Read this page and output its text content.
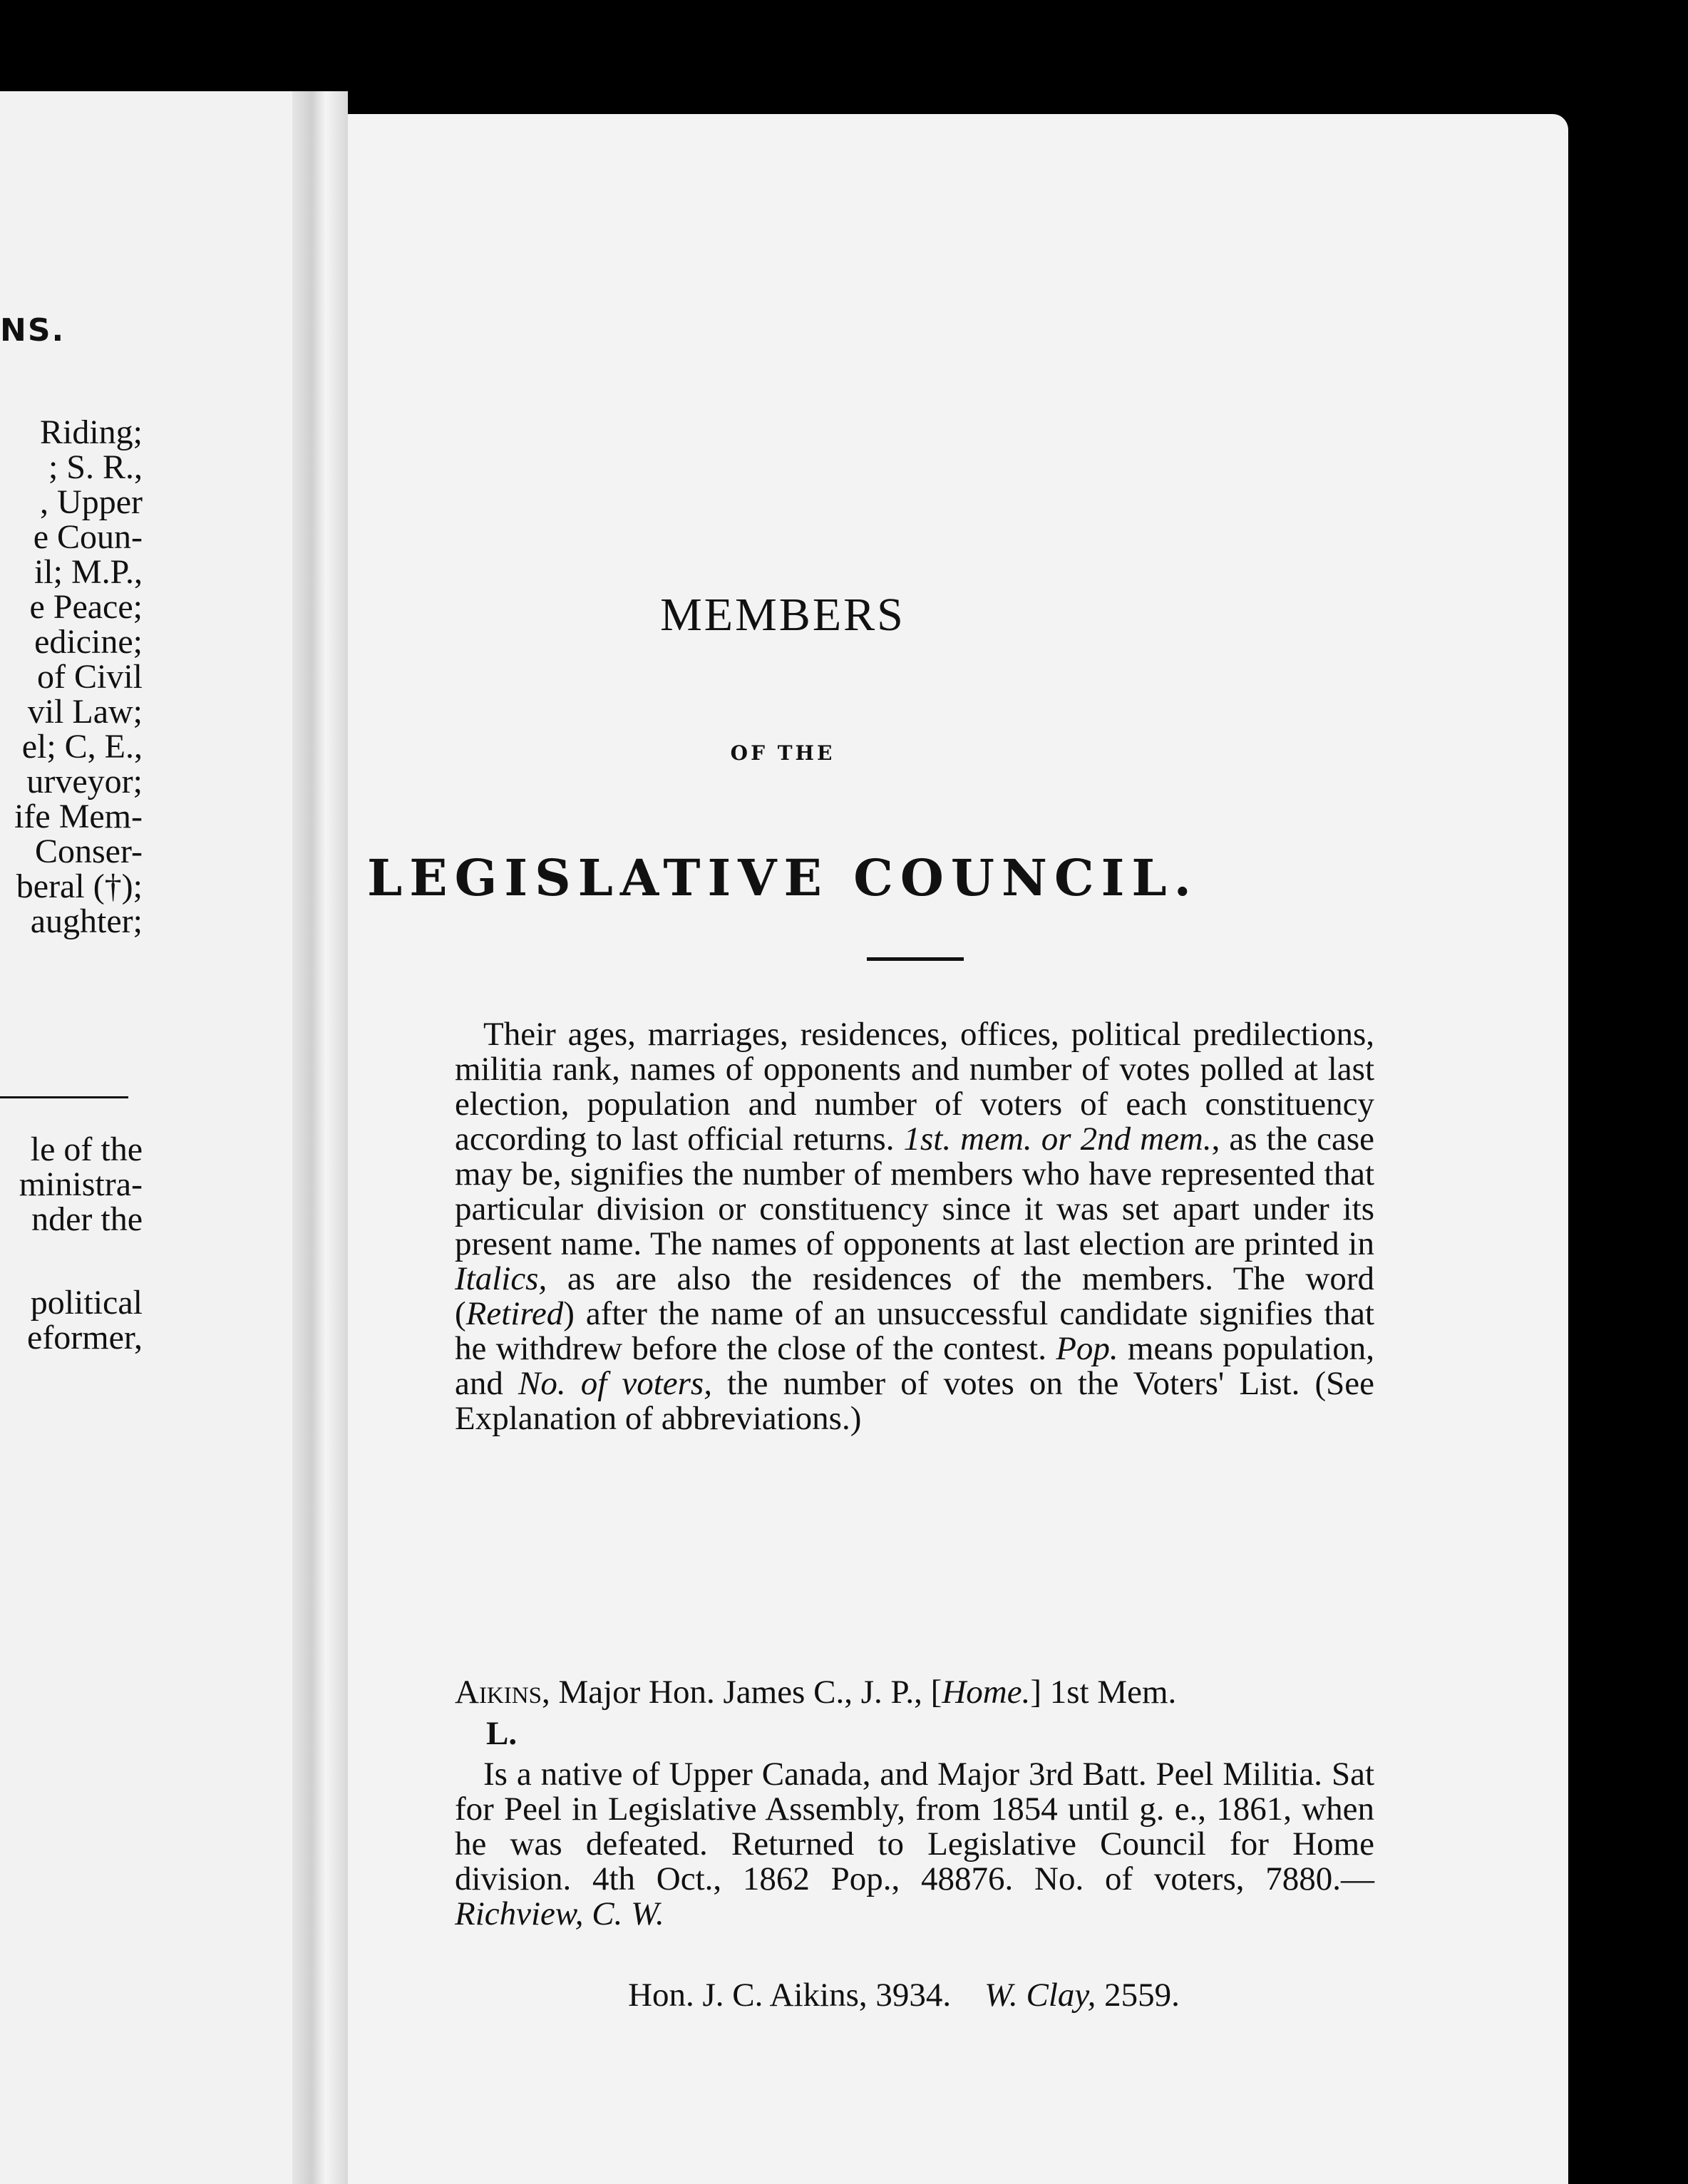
NS.
Riding;
; S. R.,
, Upper
e Coun-
il; M.P.,
e Peace;
edicine;
of Civil
vil Law;
el; C, E.,
urveyor;
ife Mem-
Conser-
beral (†);
aughter;
le of the
ministra-
nder the
political
eformer,
MEMBERS
OF THE
LEGISLATIVE COUNCIL.
Their ages, marriages, residences, offices, political predilections, militia rank, names of opponents and number of votes polled at last election, population and number of voters of each constituency according to last official returns. 1st. mem. or 2nd mem., as the case may be, signifies the number of members who have represented that particular division or constituency since it was set apart under its present name. The names of opponents at last election are printed in Italics, as are also the residences of the members. The word (Retired) after the name of an unsuccessful candidate signifies that he withdrew before the close of the contest. Pop. means population, and No. of voters, the number of votes on the Voters' List. (See Explanation of abbreviations.)
Aikins, Major Hon. James C., J. P., [Home.] 1st Mem.
L.
Is a native of Upper Canada, and Major 3rd Batt. Peel Militia. Sat for Peel in Legislative Assembly, from 1854 until g. e., 1861, when he was defeated. Returned to Legislative Council for Home division. 4th Oct., 1862 Pop., 48876. No. of voters, 7880.—Richview, C. W.
Hon. J. C. Aikins, 3934. W. Clay, 2559.
